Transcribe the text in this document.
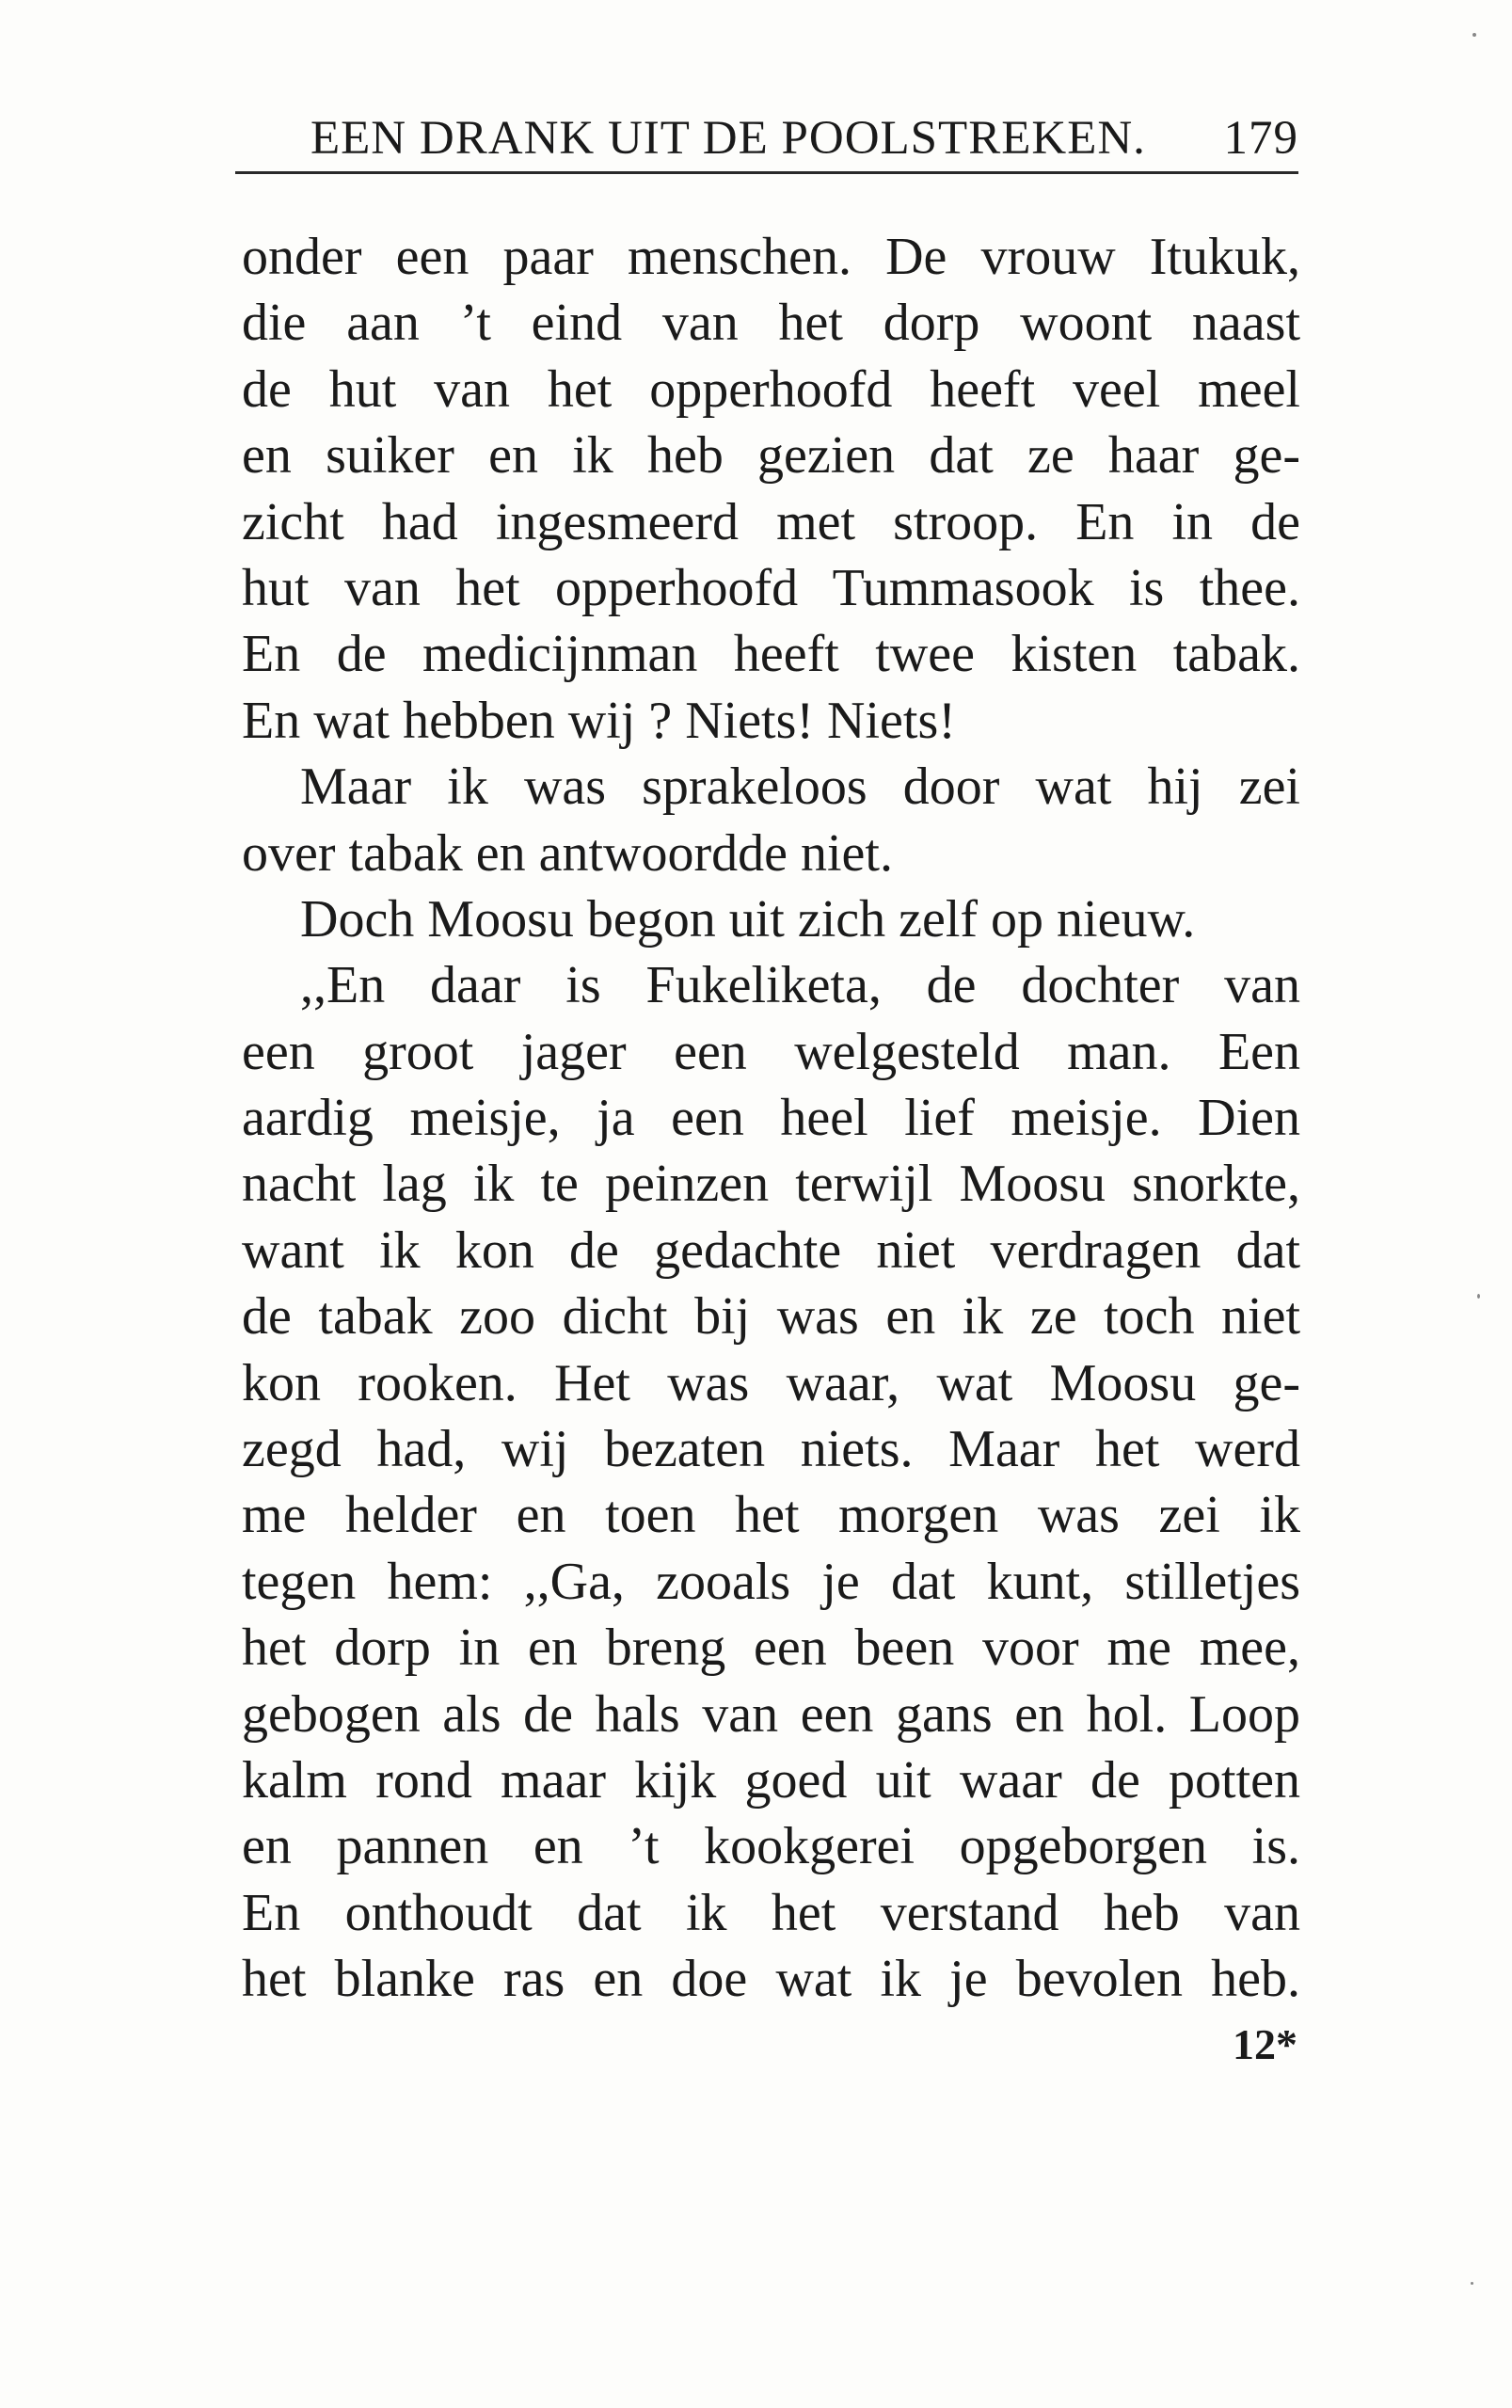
EEN DRANK UIT DE POOLSTREKEN. 179
onder een paar menschen. De vrouw Itukuk,
die aan ’t eind van het dorp woont naast
de hut van het opperhoofd heeft veel meel
en suiker en ik heb gezien dat ze haar ge-
zicht had ingesmeerd met stroop. En in de
hut van het opperhoofd Tummasook is thee.
En de medicijnman heeft twee kisten tabak.
En wat hebben wij ? Niets! Niets!
Maar ik was sprakeloos door wat hij zei
over tabak en antwoordde niet.
Doch Moosu begon uit zich zelf op nieuw.
,,En daar is Fukeliketa, de dochter van
een groot jager een welgesteld man. Een
aardig meisje, ja een heel lief meisje. Dien
nacht lag ik te peinzen terwijl Moosu snorkte,
want ik kon de gedachte niet verdragen dat
de tabak zoo dicht bij was en ik ze toch niet
kon rooken. Het was waar, wat Moosu ge-
zegd had, wij bezaten niets. Maar het werd
me helder en toen het morgen was zei ik
tegen hem: ,,Ga, zooals je dat kunt, stilletjes
het dorp in en breng een been voor me mee,
gebogen als de hals van een gans en hol. Loop
kalm rond maar kijk goed uit waar de potten
en pannen en ’t kookgerei opgeborgen is.
En onthoudt dat ik het verstand heb van
het blanke ras en doe wat ik je bevolen heb.
12*
